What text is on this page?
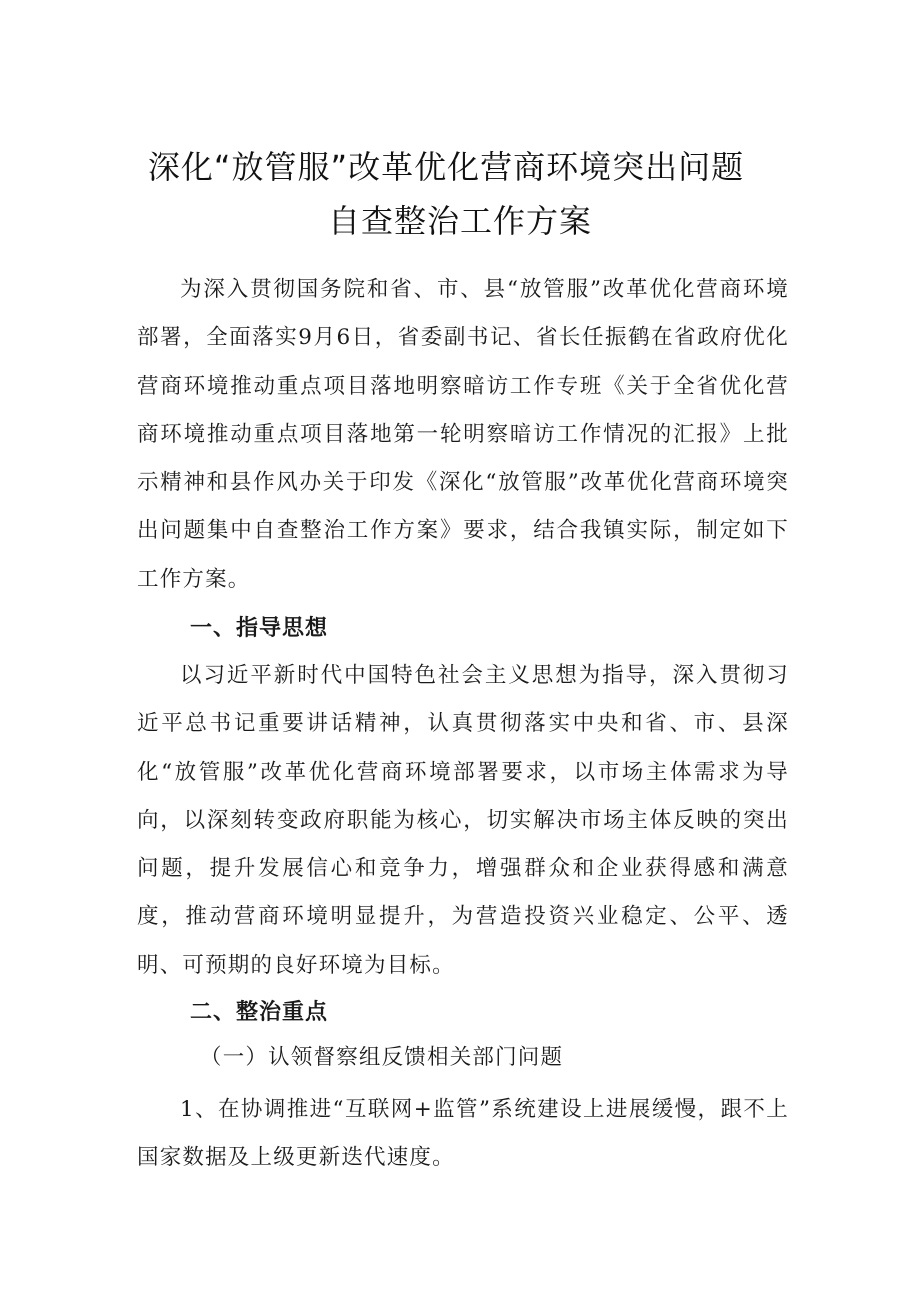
深化“放管服”改革优化营商环境突出问题
自查整治工作方案

为深入贯彻国务院和省、市、县“放管服”改革优化营商环境部署，全面落实9月6日，省委副书记、省长任振鹤在省政府优化营商环境推动重点项目落地明察暗访工作专班《关于全省优化营商环境推动重点项目落地第一轮明察暗访工作情况的汇报》上批示精神和县作风办关于印发《深化“放管服”改革优化营商环境突出问题集中自查整治工作方案》要求，结合我镇实际，制定如下工作方案。

一、指导思想

以习近平新时代中国特色社会主义思想为指导，深入贯彻习近平总书记重要讲话精神，认真贯彻落实中央和省、市、县深化“放管服”改革优化营商环境部署要求，以市场主体需求为导向，以深刻转变政府职能为核心，切实解决市场主体反映的突出问题，提升发展信心和竞争力，增强群众和企业获得感和满意度，推动营商环境明显提升，为营造投资兴业稳定、公平、透明、可预期的良好环境为目标。

二、整治重点

（一）认领督察组反馈相关部门问题

1、在协调推进“互联网+监管”系统建设上进展缓慢，跟不上国家数据及上级更新迭代速度。
